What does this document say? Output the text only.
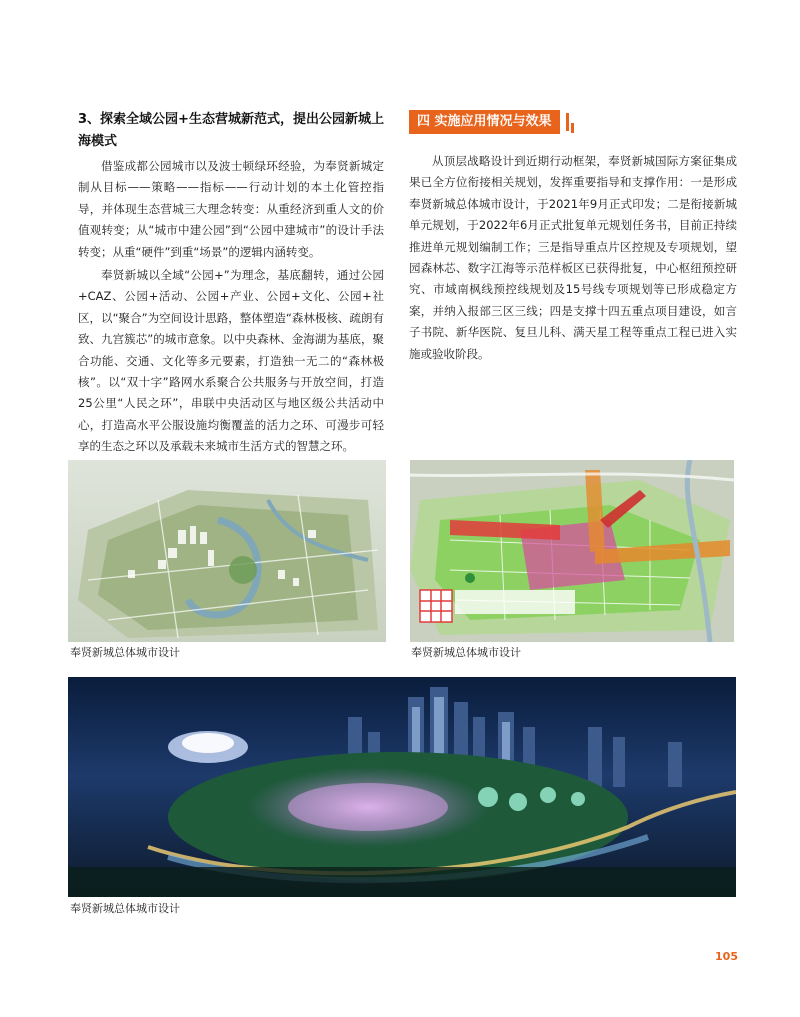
3、探索全域公园+生态营城新范式，提出公园新城上海模式

借鉴成都公园城市以及波士顿绿环经验，为奉贤新城定制从目标——策略——指标——行动计划的本土化管控指导，并体现生态营城三大理念转变：从重经济到重人文的价值观转变；从“城市中建公园”到“公园中建城市”的设计手法转变；从重“硬件”到重“场景”的逻辑内涵转变。

奉贤新城以全域“公园+”为理念，基底翻转，通过公园+CAZ、公园+活动、公园+产业、公园+文化、公园+社区，以“聚合”为空间设计思路，整体塑造“森林极核、疏朗有致、九宫簇芯”的城市意象。以中央森林、金海湖为基底，聚合功能、交通、文化等多元要素，打造独一无二的“森林极核”。以“双十字”路网水系聚合公共服务与开放空间，打造25公里“人民之环”，串联中央活动区与地区级公共活动中心，打造高水平公服设施均衡覆盖的活力之环、可漫步可轻享的生态之环以及承载未来城市生活方式的智慧之环。

四 实施应用情况与效果

从顶层战略设计到近期行动框架，奉贤新城国际方案征集成果已全方位衔接相关规划，发挥重要指导和支撑作用：一是形成奉贤新城总体城市设计，于2021年9月正式印发；二是衔接新城单元规划，于2022年6月正式批复单元规划任务书，目前正持续推进单元规划编制工作；三是指导重点片区控规及专项规划，望园森林芯、数字江海等示范样板区已获得批复，中心枢纽预控研究、市域南枫线预控线规划及15号线专项规划等已形成稳定方案，并纳入报部三区三线；四是支撑十四五重点项目建设，如言子书院、新华医院、复旦儿科、满天星工程等重点工程已进入实施或验收阶段。

奉贤新城总体城市设计	奉贤新城总体城市设计
奉贤新城总体城市设计
105
